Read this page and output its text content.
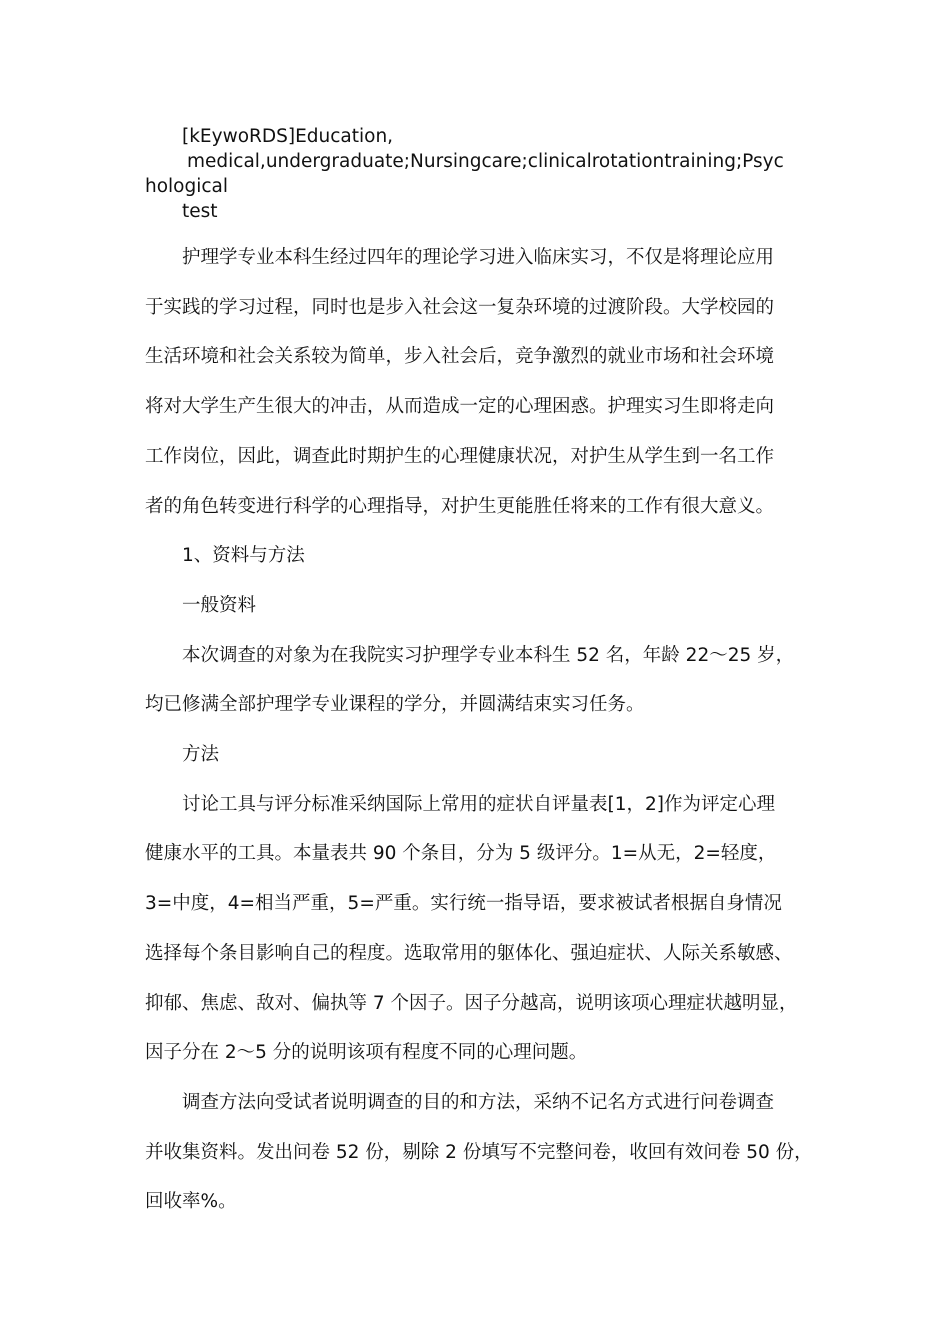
[kEywoRDS]Education,

medical,undergraduate;Nursingcare;clinicalrotationtraining;Psyc

hological

test

护理学专业本科生经过四年的理论学习进入临床实习，不仅是将理论应用
于实践的学习过程，同时也是步入社会这一复杂环境的过渡阶段。大学校园的
生活环境和社会关系较为简单，步入社会后，竞争激烈的就业市场和社会环境
将对大学生产生很大的冲击，从而造成一定的心理困惑。护理实习生即将走向
工作岗位，因此，调查此时期护生的心理健康状况，对护生从学生到一名工作
者的角色转变进行科学的心理指导，对护生更能胜任将来的工作有很大意义。
1、资料与方法
一般资料
本次调查的对象为在我院实习护理学专业本科生 52 名，年龄 22～25 岁，
均已修满全部护理学专业课程的学分，并圆满结束实习任务。
方法
讨论工具与评分标准采纳国际上常用的症状自评量表[1，2]作为评定心理
健康水平的工具。本量表共 90 个条目，分为 5 级评分。1=从无，2=轻度，
3=中度，4=相当严重，5=严重。实行统一指导语，要求被试者根据自身情况
选择每个条目影响自己的程度。选取常用的躯体化、强迫症状、人际关系敏感、
抑郁、焦虑、敌对、偏执等 7 个因子。因子分越高，说明该项心理症状越明显，
因子分在 2～5 分的说明该项有程度不同的心理问题。
调查方法向受试者说明调查的目的和方法，采纳不记名方式进行问卷调查
并收集资料。发出问卷 52 份，剔除 2 份填写不完整问卷，收回有效问卷 50 份，
回收率%。
